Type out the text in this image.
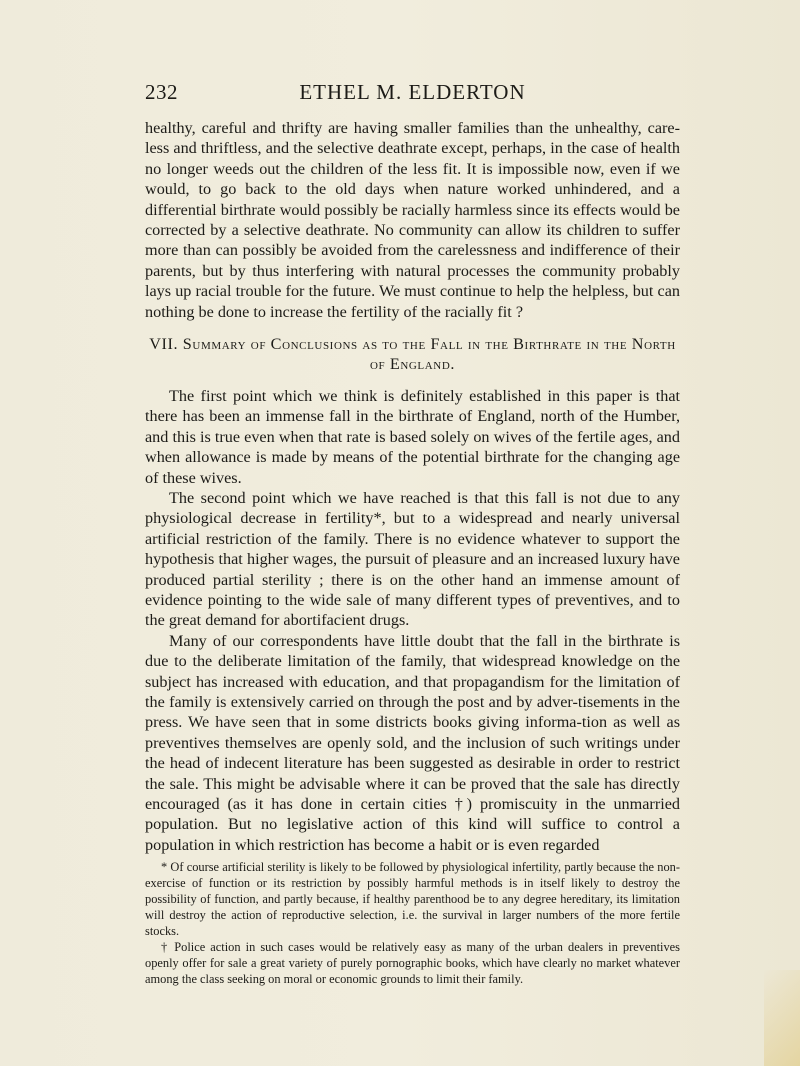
232	ETHEL M. ELDERTON

healthy, careful and thrifty are having smaller families than the unhealthy, care-less and thriftless, and the selective deathrate except, perhaps, in the case of health no longer weeds out the children of the less fit. It is impossible now, even if we would, to go back to the old days when nature worked unhindered, and a differential birthrate would possibly be racially harmless since its effects would be corrected by a selective deathrate. No community can allow its children to suffer more than can possibly be avoided from the carelessness and indifference of their parents, but by thus interfering with natural processes the community probably lays up racial trouble for the future. We must continue to help the helpless, but can nothing be done to increase the fertility of the racially fit ?

VII. Summary of Conclusions as to the Fall in the Birthrate in the North of England.

The first point which we think is definitely established in this paper is that there has been an immense fall in the birthrate of England, north of the Humber, and this is true even when that rate is based solely on wives of the fertile ages, and when allowance is made by means of the potential birthrate for the changing age of these wives.

The second point which we have reached is that this fall is not due to any physiological decrease in fertility*, but to a widespread and nearly universal artificial restriction of the family. There is no evidence whatever to support the hypothesis that higher wages, the pursuit of pleasure and an increased luxury have produced partial sterility ; there is on the other hand an immense amount of evidence pointing to the wide sale of many different types of preventives, and to the great demand for abortifacient drugs.

Many of our correspondents have little doubt that the fall in the birthrate is due to the deliberate limitation of the family, that widespread knowledge on the subject has increased with education, and that propagandism for the limitation of the family is extensively carried on through the post and by adver-tisements in the press. We have seen that in some districts books giving informa-tion as well as preventives themselves are openly sold, and the inclusion of such writings under the head of indecent literature has been suggested as desirable in order to restrict the sale. This might be advisable where it can be proved that the sale has directly encouraged (as it has done in certain cities †) promiscuity in the unmarried population. But no legislative action of this kind will suffice to control a population in which restriction has become a habit or is even regarded

* Of course artificial sterility is likely to be followed by physiological infertility, partly because the non-exercise of function or its restriction by possibly harmful methods is in itself likely to destroy the possibility of function, and partly because, if healthy parenthood be to any degree hereditary, its limitation will destroy the action of reproductive selection, i.e. the survival in larger numbers of the more fertile stocks.

† Police action in such cases would be relatively easy as many of the urban dealers in preventives openly offer for sale a great variety of purely pornographic books, which have clearly no market whatever among the class seeking on moral or economic grounds to limit their family.
